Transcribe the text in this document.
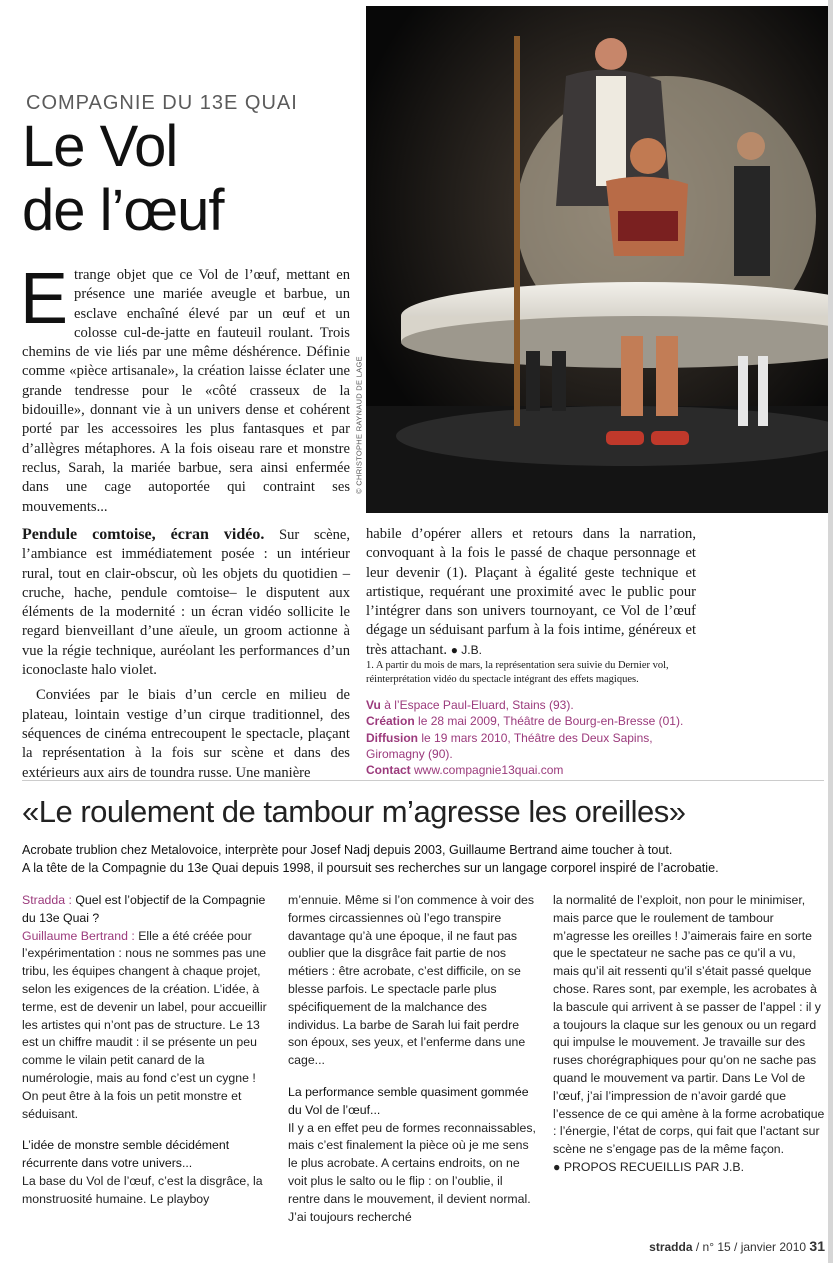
COMPAGNIE DU 13E QUAI
Le Vol
de l’œuf
© CHRISTOPHE RAYNAUD DE LAGE
E trange objet que ce Vol de l’œuf, mettant en présence une mariée aveugle et barbue, un esclave enchaîné élevé par un œuf et un colosse cul-de-jatte en fauteuil roulant. Trois chemins de vie liés par une même déshérence. Définie comme «pièce artisanale», la création laisse éclater une grande tendresse pour le «côté crasseux de la bidouille», donnant vie à un univers dense et cohérent porté par les accessoires les plus fantasques et par d’allègres métaphores. A la fois oiseau rare et monstre reclus, Sarah, la mariée barbue, sera ainsi enfermée dans une cage autoportée qui contraint ses mouvements...

Pendule comtoise, écran vidéo. Sur scène, l’ambiance est immédiatement posée : un intérieur rural, tout en clair-obscur, où les objets du quotidien –cruche, hache, pendule comtoise– le disputent aux éléments de la modernité : un écran vidéo sollicite le regard bienveillant d’une aïeule, un groom actionne à vue la régie technique, auréolant les performances d’un iconoclaste halo violet.

Conviées par le biais d’un cercle en milieu de plateau, lointain vestige d’un cirque traditionnel, des séquences de cinéma entrecoupent le spectacle, plaçant la représentation à la fois sur scène et dans des extérieurs aux airs de toundra russe. Une manière

habile d’opérer allers et retours dans la narration, convoquant à la fois le passé de chaque personnage et leur devenir (1). Plaçant à égalité geste technique et artistique, requérant une proximité avec le public pour l’intégrer dans son univers tournoyant, ce Vol de l’œuf dégage un séduisant parfum à la fois intime, généreux et très attachant. ● J.B.
1. A partir du mois de mars, la représentation sera suivie du Dernier vol, réinterprétation vidéo du spectacle intégrant des effets magiques.
Vu à l’Espace Paul-Eluard, Stains (93).
Création le 28 mai 2009, Théâtre de Bourg-en-Bresse (01).
Diffusion le 19 mars 2010, Théâtre des Deux Sapins, Giromagny (90).
Contact www.compagnie13quai.com
«Le roulement de tambour m’agresse les oreilles»
Acrobate trublion chez Metalovoice, interprète pour Josef Nadj depuis 2003, Guillaume Bertrand aime toucher à tout.
A la tête de la Compagnie du 13e Quai depuis 1998, il poursuit ses recherches sur un langage corporel inspiré de l’acrobatie.
Stradda : Quel est l’objectif de la Compagnie du 13e Quai ?
Guillaume Bertrand : Elle a été créée pour l’expérimentation : nous ne sommes pas une tribu, les équipes changent à chaque projet, selon les exigences de la création. L’idée, à terme, est de devenir un label, pour accueillir les artistes qui n’ont pas de structure. Le 13 est un chiffre maudit : il se présente un peu comme le vilain petit canard de la numérologie, mais au fond c’est un cygne ! On peut être à la fois un petit monstre et séduisant.
L’idée de monstre semble décidément récurrente dans votre univers...
La base du Vol de l’œuf, c’est la disgrâce, la monstruosité humaine. Le playboy
m’ennuie. Même si l’on commence à voir des formes circassiennes où l’ego transpire davantage qu’à une époque, il ne faut pas oublier que la disgrâce fait partie de nos métiers : être acrobate, c’est difficile, on se blesse parfois. Le spectacle parle plus spécifiquement de la malchance des individus. La barbe de Sarah lui fait perdre son époux, ses yeux, et l’enferme dans une cage...
La performance semble quasiment gommée du Vol de l’œuf...
Il y a en effet peu de formes reconnaissables, mais c’est finalement la pièce où je me sens le plus acrobate. A certains endroits, on ne voit plus le salto ou le flip : on l’oublie, il rentre dans le mouvement, il devient normal. J’ai toujours recherché
la normalité de l’exploit, non pour le minimiser, mais parce que le roulement de tambour m’agresse les oreilles ! J’aimerais faire en sorte que le spectateur ne sache pas ce qu’il a vu, mais qu’il ait ressenti qu’il s’était passé quelque chose. Rares sont, par exemple, les acrobates à la bascule qui arrivent à se passer de l’appel : il y a toujours la claque sur les genoux ou un regard qui impulse le mouvement. Je travaille sur des ruses chorégraphiques pour qu’on ne sache pas quand le mouvement va partir. Dans Le Vol de l’œuf, j’ai l’impression de n’avoir gardé que l’essence de ce qui amène à la forme acrobatique : l’énergie, l’état de corps, qui fait que l’actant sur scène ne s’engage pas de la même façon.
● PROPOS RECUEILLIS PAR J.B.
stradda / n° 15 / janvier 2010 31
